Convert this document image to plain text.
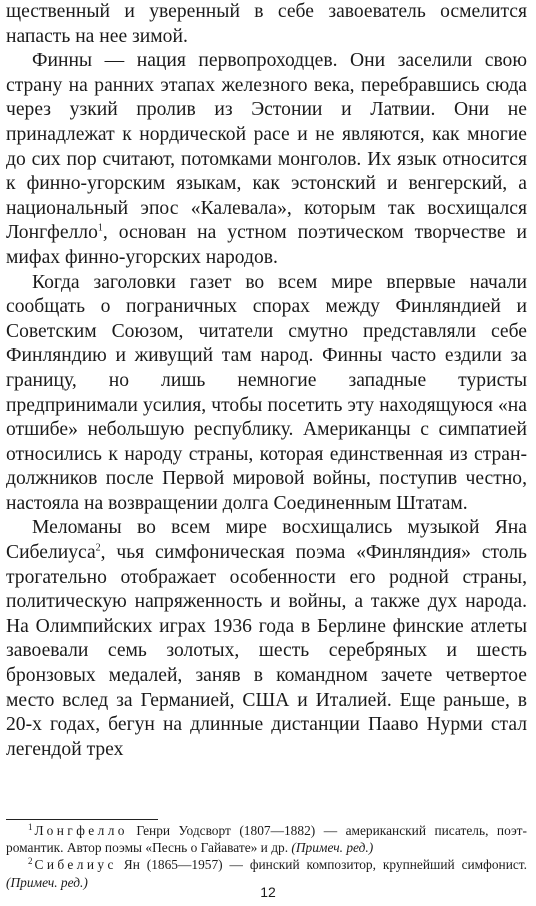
щественный и уверенный в себе завоеватель осмелится напасть на нее зимой.

Финны — нация первопроходцев. Они заселили свою страну на ранних этапах железного века, перебравшись сюда через узкий пролив из Эстонии и Латвии. Они не принадлежат к нордической расе и не являются, как многие до сих пор считают, потомками монголов. Их язык относится к финно-угорским языкам, как эстонский и венгерский, а национальный эпос «Калевала», которым так восхищался Лонгфелло$^1$, основан на устном поэтическом творчестве и мифах финно-угорских народов.

Когда заголовки газет во всем мире впервые начали сообщать о пограничных спорах между Финляндией и Советским Союзом, читатели смутно представляли себе Финляндию и живущий там народ. Финны часто ездили за границу, но лишь немногие западные туристы предпринимали усилия, чтобы посетить эту находящуюся «на отшибе» небольшую республику. Американцы с симпатией относились к народу страны, которая единственная из стран-должников после Первой мировой войны, поступив честно, настояла на возвращении долга Соединенным Штатам.

Меломаны во всем мире восхищались музыкой Яна Сибелиуса$^2$, чья симфоническая поэма «Финляндия» столь трогательно отображает особенности его родной страны, политическую напряженность и войны, а также дух народа. На Олимпийских играх 1936 года в Берлине финские атлеты завоевали семь золотых, шесть серебряных и шесть бронзовых медалей, заняв в командном зачете четвертое место вслед за Германией, США и Италией. Еще раньше, в 20-х годах, бегун на длинные дистанции Пааво Нурми стал легендой трех

$^1$ Лонгфелло Генри Уодсворт (1807—1882) — американский писатель, поэт-романтик. Автор поэмы «Песнь о Гайавате» и др. (Примеч. ред.)

$^2$ Сибелиус Ян (1865—1957) — финский композитор, крупнейший симфонист. (Примеч. ред.)

12
